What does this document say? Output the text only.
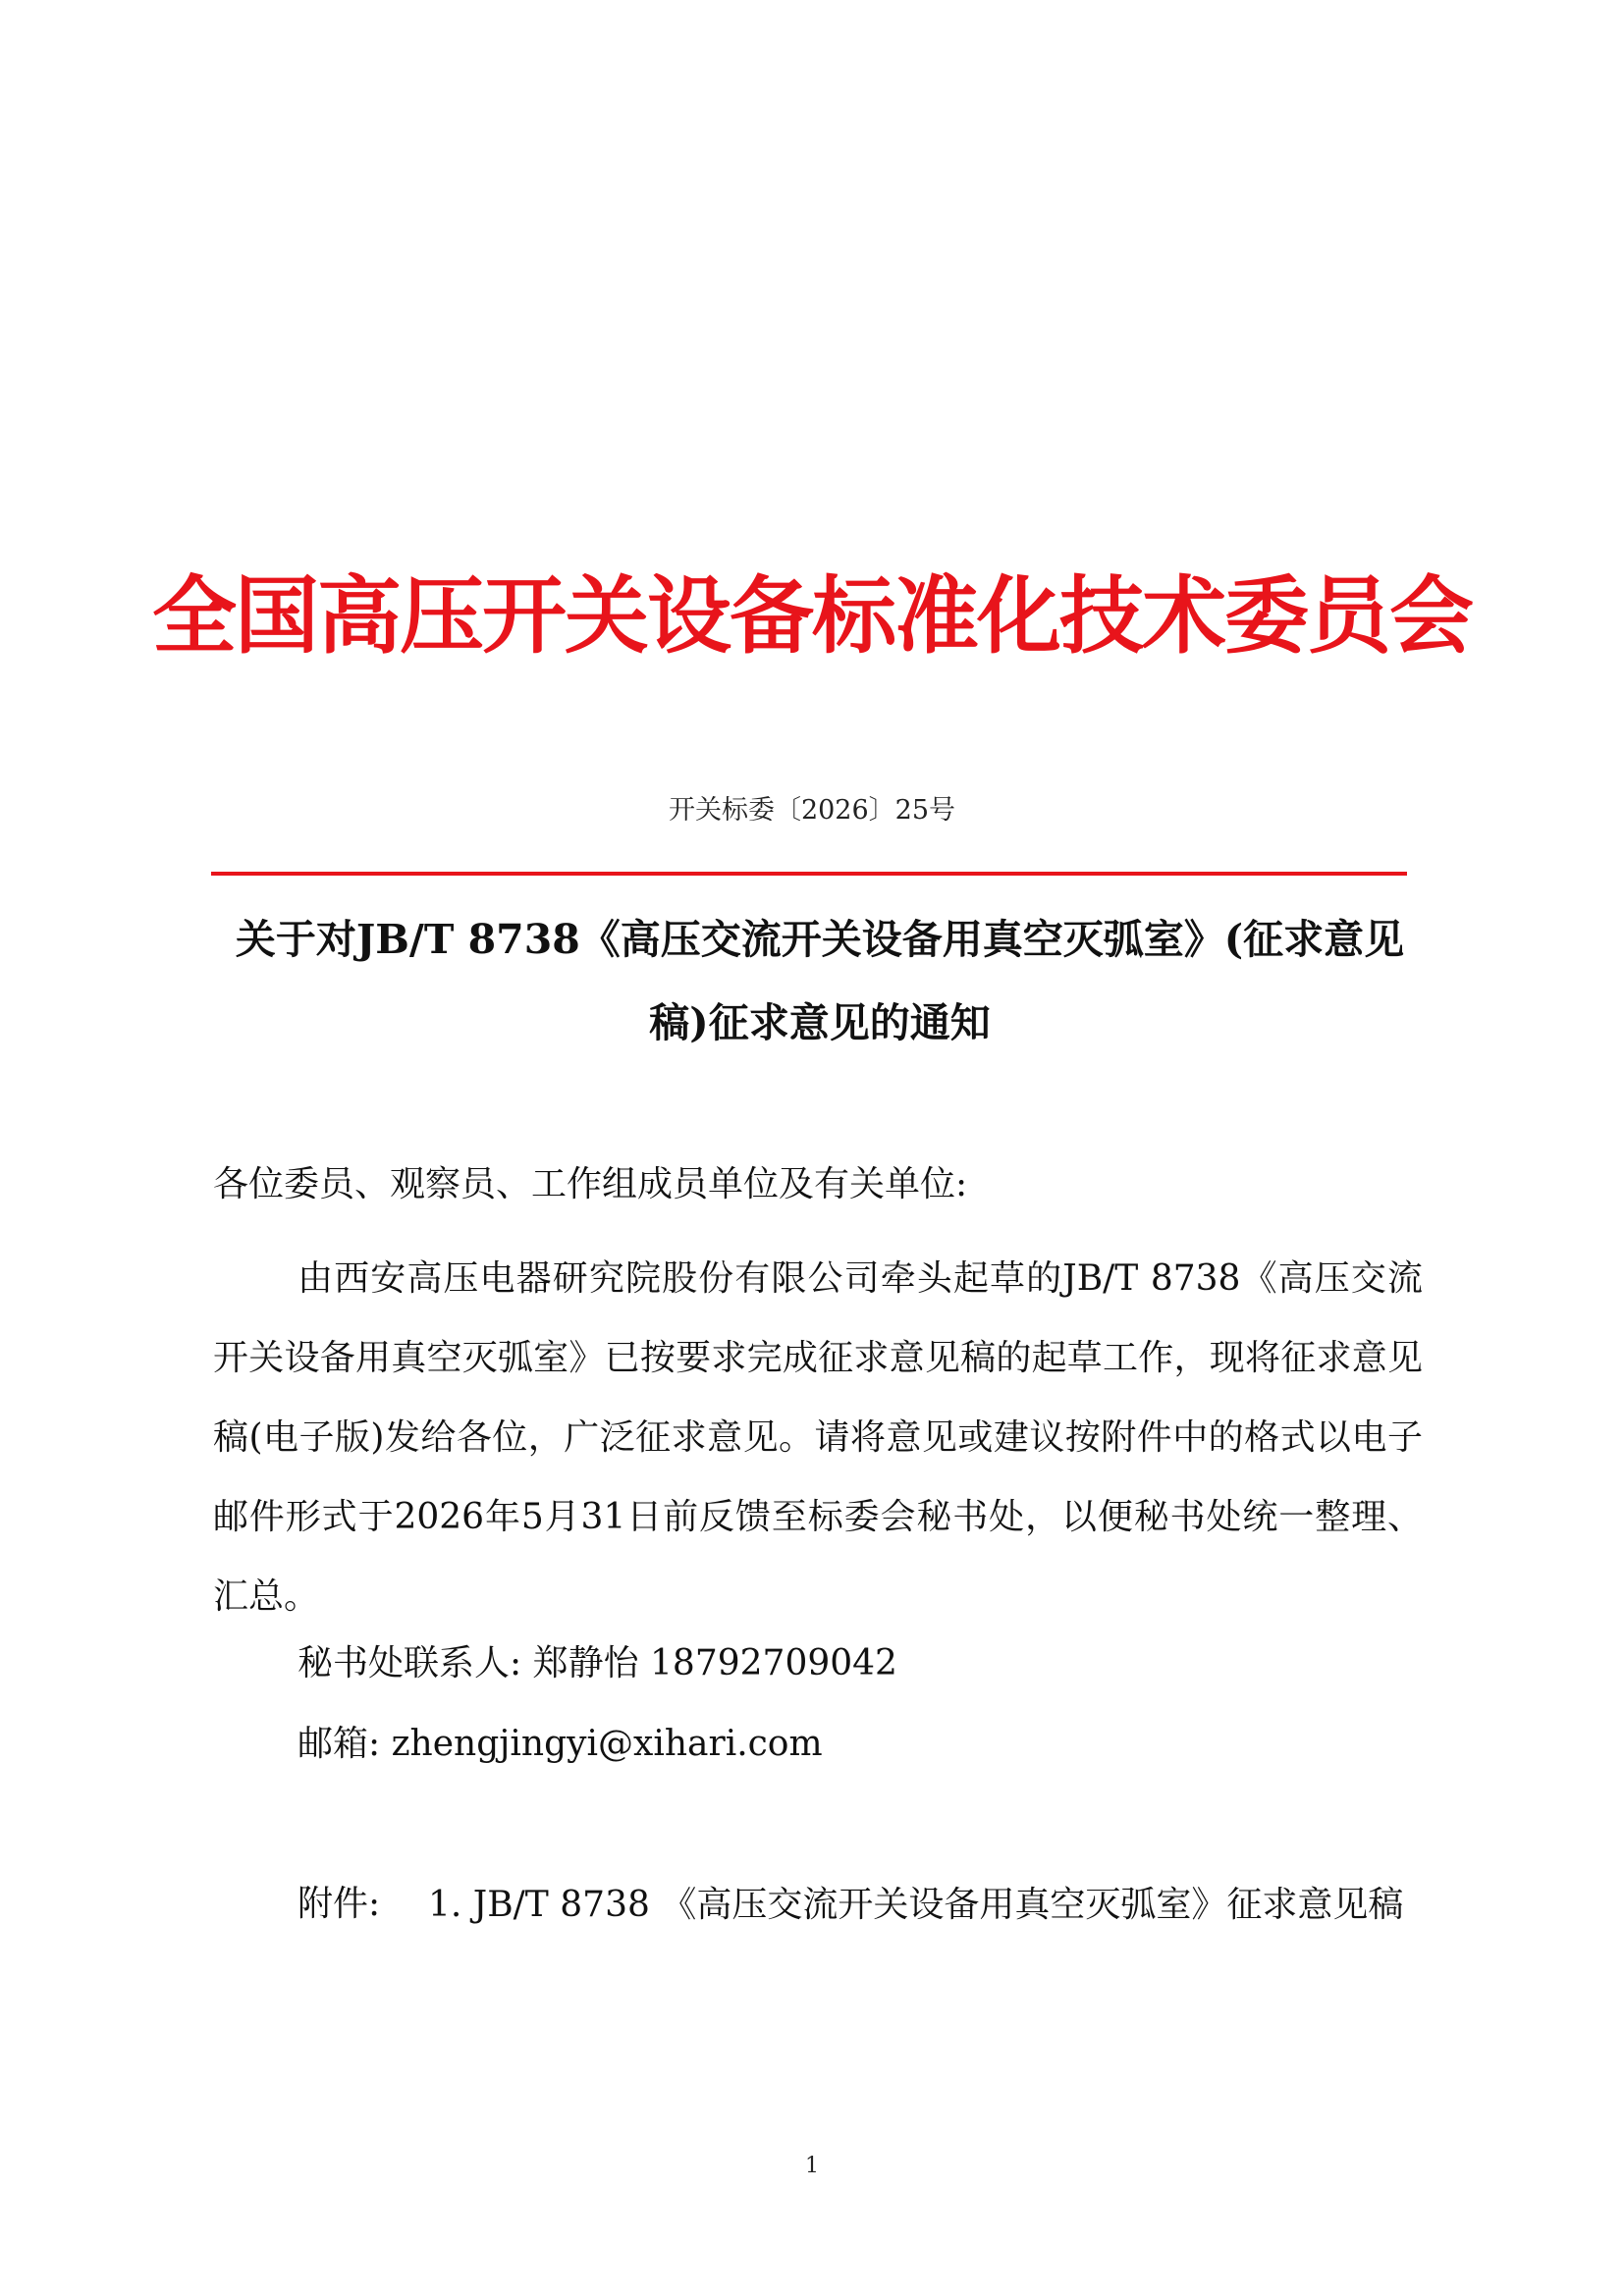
全国高压开关设备标准化技术委员会
开关标委〔2026〕25号
关于对JB/T 8738《高压交流开关设备用真空灭弧室》(征求意见稿)征求意见的通知
各位委员、观察员、工作组成员单位及有关单位:
由西安高压电器研究院股份有限公司牵头起草的JB/T 8738《高压交流开关设备用真空灭弧室》已按要求完成征求意见稿的起草工作，现将征求意见稿(电子版)发给各位，广泛征求意见。请将意见或建议按附件中的格式以电子邮件形式于2026年5月31日前反馈至标委会秘书处，以便秘书处统一整理、汇总。
秘书处联系人: 郑静怡 18792709042
邮箱: zhengjingyi@xihari.com
附件: 1. JB/T 8738 《高压交流开关设备用真空灭弧室》征求意见稿
1
